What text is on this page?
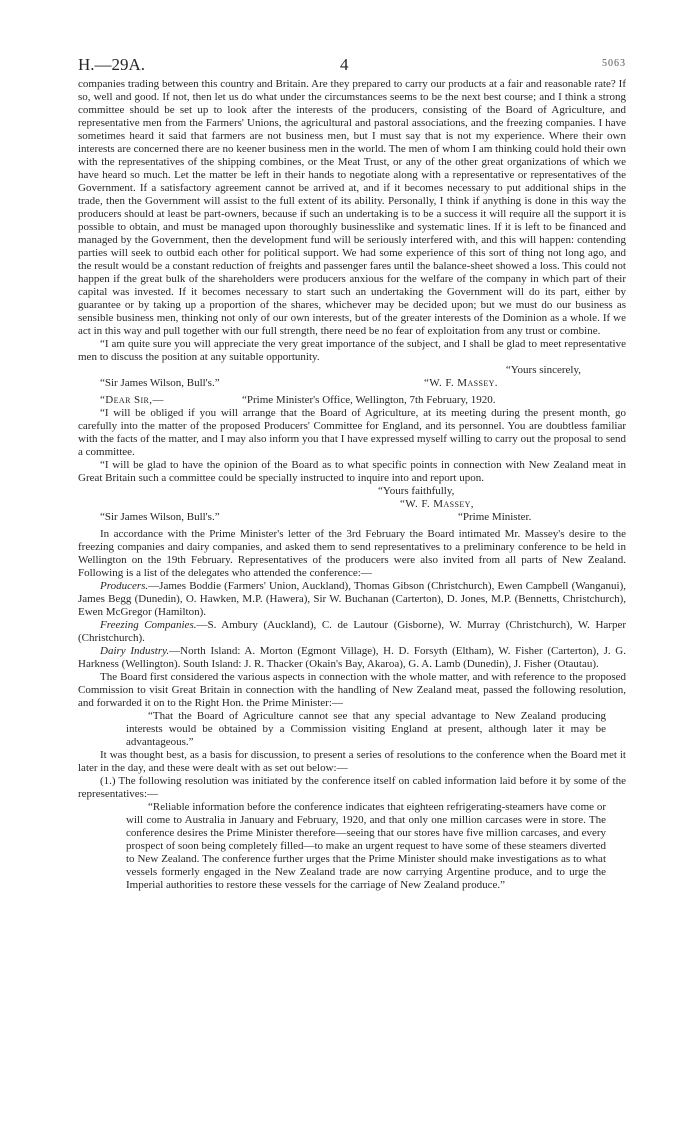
H.—29A.	4	5063

companies trading between this country and Britain. Are they prepared to carry our products at a fair and reasonable rate? If so, well and good. If not, then let us do what under the circumstances seems to be the next best course; and I think a strong committee should be set up to look after the interests of the producers, consisting of the Board of Agriculture, and representative men from the Farmers' Unions, the agricultural and pastoral associations, and the freezing companies. I have sometimes heard it said that farmers are not business men, but I must say that is not my experience. Where their own interests are concerned there are no keener business men in the world. The men of whom I am thinking could hold their own with the representatives of the shipping combines, or the Meat Trust, or any of the other great organizations of which we have heard so much. Let the matter be left in their hands to negotiate along with a representative or representatives of the Government. If a satisfactory agreement cannot be arrived at, and if it becomes necessary to put additional ships in the trade, then the Government will assist to the full extent of its ability. Personally, I think if anything is done in this way the producers should at least be part-owners, because if such an undertaking is to be a success it will require all the support it is possible to obtain, and must be managed upon thoroughly businesslike and systematic lines. If it is left to be financed and managed by the Government, then the development fund will be seriously interfered with, and this will happen: contending parties will seek to outbid each other for political support. We had some experience of this sort of thing not long ago, and the result would be a constant reduction of freights and passenger fares until the balance-sheet showed a loss. This could not happen if the great bulk of the shareholders were producers anxious for the welfare of the company in which part of their capital was invested. If it becomes necessary to start such an undertaking the Government will do its part, either by guarantee or by taking up a proportion of the shares, whichever may be decided upon; but we must do our business as sensible business men, thinking not only of our own interests, but of the greater interests of the Dominion as a whole. If we act in this way and pull together with our full strength, there need be no fear of exploitation from any trust or combine.

“I am quite sure you will appreciate the very great importance of the subject, and I shall be glad to meet representative men to discuss the position at any suitable opportunity.

“Yours sincerely,

“Sir James Wilson, Bull's.”	“W. F. Massey.
“Dear Sir,—	“Prime Minister's Office, Wellington, 7th February, 1920.

“I will be obliged if you will arrange that the Board of Agriculture, at its meeting during the present month, go carefully into the matter of the proposed Producers' Committee for England, and its personnel. You are doubtless familiar with the facts of the matter, and I may also inform you that I have expressed myself willing to carry out the proposal to send a committee.

“I will be glad to have the opinion of the Board as to what specific points in connection with New Zealand meat in Great Britain such a committee could be specially instructed to inquire into and report upon.

“Yours faithfully,
“W. F. Massey,
“Sir James Wilson, Bull's.”	“Prime Minister.

In accordance with the Prime Minister's letter of the 3rd February the Board intimated Mr. Massey's desire to the freezing companies and dairy companies, and asked them to send representatives to a preliminary conference to be held in Wellington on the 19th February. Representatives of the producers were also invited from all parts of New Zealand. Following is a list of the delegates who attended the conference:—

Producers.—James Boddie (Farmers' Union, Auckland), Thomas Gibson (Christchurch), Ewen Campbell (Wanganui), James Begg (Dunedin), O. Hawken, M.P. (Hawera), Sir W. Buchanan (Carterton), D. Jones, M.P. (Bennetts, Christchurch), Ewen McGregor (Hamilton).

Freezing Companies.—S. Ambury (Auckland), C. de Lautour (Gisborne), W. Murray (Christchurch), W. Harper (Christchurch).

Dairy Industry.—North Island: A. Morton (Egmont Village), H. D. Forsyth (Eltham), W. Fisher (Carterton), J. G. Harkness (Wellington). South Island: J. R. Thacker (Okain's Bay, Akaroa), G. A. Lamb (Dunedin), J. Fisher (Otautau).

The Board first considered the various aspects in connection with the whole matter, and with reference to the proposed Commission to visit Great Britain in connection with the handling of New Zealand meat, passed the following resolution, and forwarded it on to the Right Hon. the Prime Minister:—

“That the Board of Agriculture cannot see that any special advantage to New Zealand producing interests would be obtained by a Commission visiting England at present, although later it may be advantageous.”

It was thought best, as a basis for discussion, to present a series of resolutions to the conference when the Board met it later in the day, and these were dealt with as set out below:—

(1.) The following resolution was initiated by the conference itself on cabled information laid before it by some of the representatives:—

“Reliable information before the conference indicates that eighteen refrigerating-steamers have come or will come to Australia in January and February, 1920, and that only one million carcases were in store. The conference desires the Prime Minister therefore—seeing that our stores have five million carcases, and every prospect of soon being completely filled—to make an urgent request to have some of these steamers diverted to New Zealand. The conference further urges that the Prime Minister should make investigations as to what vessels formerly engaged in the New Zealand trade are now carrying Argentine produce, and to urge the Imperial authorities to restore these vessels for the carriage of New Zealand produce.”
